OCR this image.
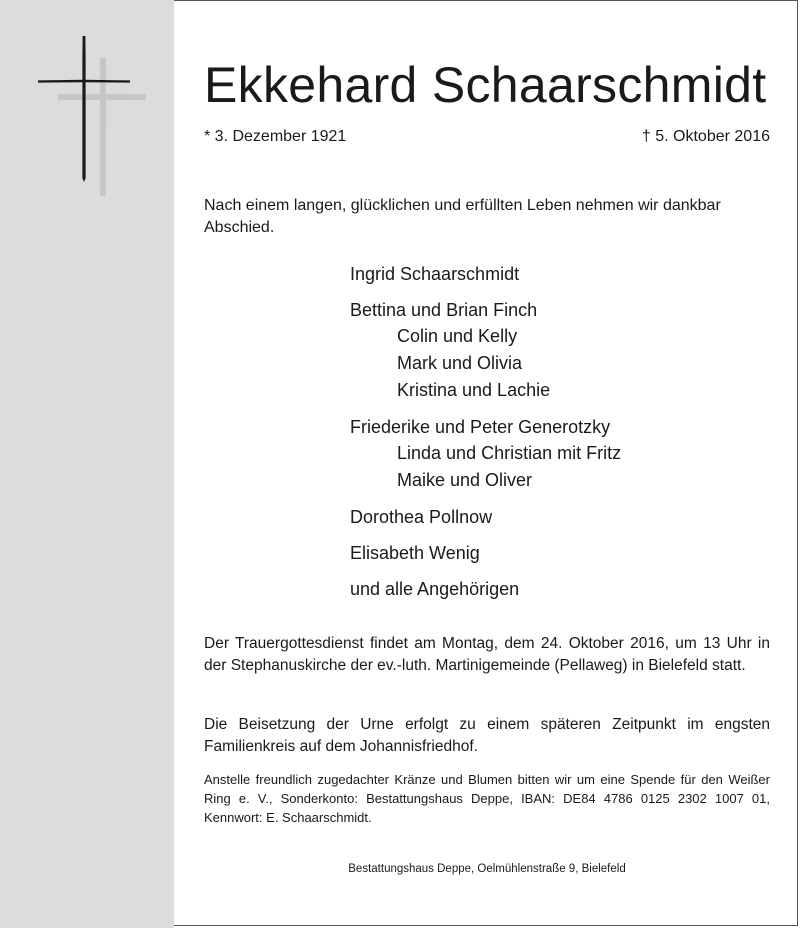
Ekkehard Schaarschmidt
* 3. Dezember 1921	† 5. Oktober 2016

Nach einem langen, glücklichen und erfüllten Leben nehmen wir dankbar Abschied.

Ingrid Schaarschmidt
Bettina und Brian Finch
Colin und Kelly
Mark und Olivia
Kristina und Lachie
Friederike und Peter Generotzky
Linda und Christian mit Fritz
Maike und Oliver
Dorothea Pollnow
Elisabeth Wenig
und alle Angehörigen

Der Trauergottesdienst findet am Montag, dem 24. Oktober 2016, um 13 Uhr in der Stephanuskirche der ev.-luth. Martinigemeinde (Pellaweg) in Bielefeld statt.

Die Beisetzung der Urne erfolgt zu einem späteren Zeitpunkt im engsten Familienkreis auf dem Johannisfriedhof.

Anstelle freundlich zugedachter Kränze und Blumen bitten wir um eine Spende für den Weißer Ring e. V., Sonderkonto: Bestattungshaus Deppe, IBAN: DE84 4786 0125 2302 1007 01, Kennwort: E. Schaarschmidt.

Bestattungshaus Deppe, Oelmühlenstraße 9, Bielefeld
